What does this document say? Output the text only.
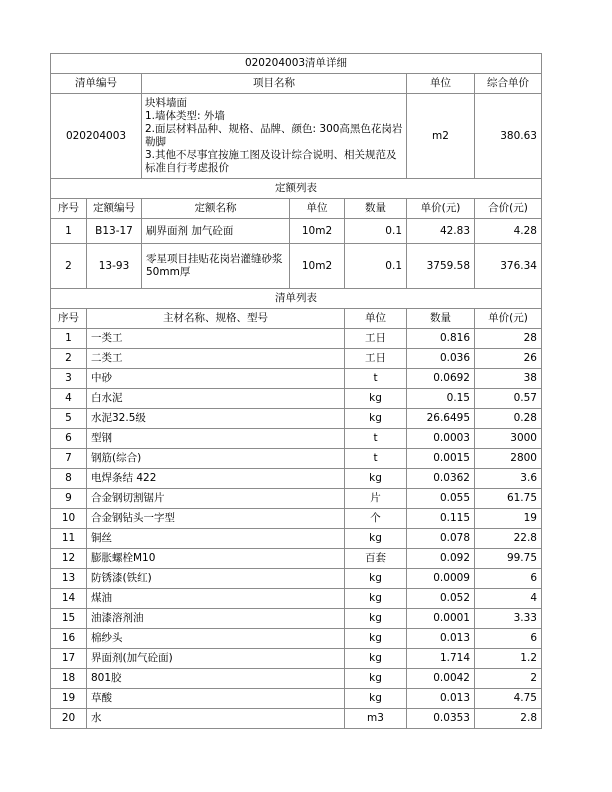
020204003清单详细							
清单编号		项目名称			单位	综合单价	
020204003		块料墙面
1.墙体类型: 外墙
2.面层材料品种、规格、品牌、颜色: 300高黑色花岗岩勒脚
3.其他不尽事宜按施工图及设计综合说明、相关规范及标准自行考虑报价			m2	380.63	
定额列表							
序号	定额编号	定额名称	单位	数量	单价(元)	合价(元)	
1	B13-17	刷界面剂 加气砼面	10m2	0.1	42.83	4.28	
2	13-93	零星项目挂贴花岗岩灌缝砂浆50mm厚	10m2	0.1	3759.58	376.34	
清单列表							
序号	主材名称、规格、型号			单位	数量	单价(元)	
1	一类工			工日	0.816	28	
2	二类工			工日	0.036	26	
3	中砂			t	0.0692	38	
4	白水泥			kg	0.15	0.57	
5	水泥32.5级			kg	26.6495	0.28	
6	型钢			t	0.0003	3000	
7	钢筋(综合)			t	0.0015	2800	
8	电焊条结 422			kg	0.0362	3.6	
9	合金钢切割锯片			片	0.055	61.75	
10	合金钢钻头一字型			个	0.115	19	
11	铜丝			kg	0.078	22.8	
12	膨胀螺栓M10			百套	0.092	99.75	
13	防锈漆(铁红)			kg	0.0009	6	
14	煤油			kg	0.052	4	
15	油漆溶剂油			kg	0.0001	3.33	
16	棉纱头			kg	0.013	6	
17	界面剂(加气砼面)			kg	1.714	1.2	
18	801胶			kg	0.0042	2	
19	草酸			kg	0.013	4.75	
20	水			m3	0.0353	2.8	
